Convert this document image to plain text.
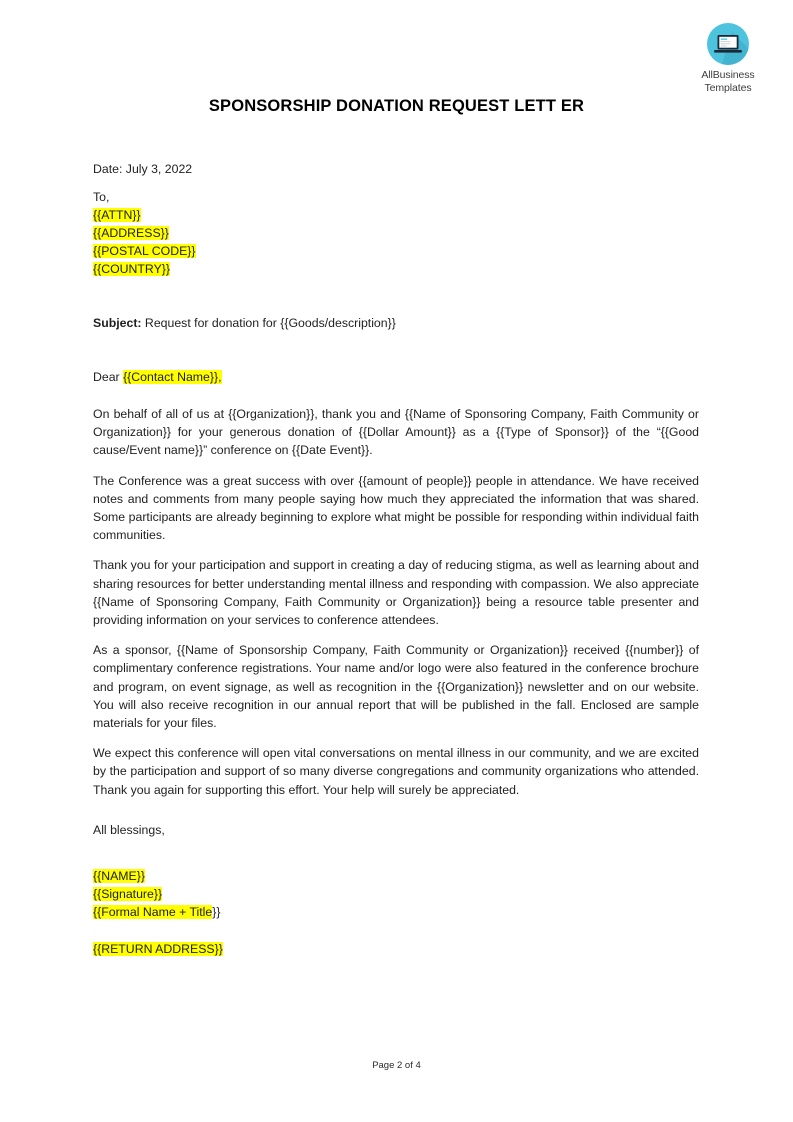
AllBusiness
Templates
SPONSORSHIP DONATION REQUEST LETT ER
Date: July 3, 2022
To,
{{ATTN}}
{{ADDRESS}}
{{POSTAL CODE}}
{{COUNTRY}}
Subject: Request for donation for {{Goods/description}}
Dear {{Contact Name}},

On behalf of all of us at {{Organization}}, thank you and {{Name of Sponsoring Company, Faith Community or Organization}} for your generous donation of {{Dollar Amount}} as a {{Type of Sponsor}} of the “{{Good cause/Event name}}” conference on {{Date Event}}.

The Conference was a great success with over {{amount of people}} people in attendance. We have received notes and comments from many people saying how much they appreciated the information that was shared. Some participants are already beginning to explore what might be possible for responding within individual faith communities.

Thank you for your participation and support in creating a day of reducing stigma, as well as learning about and sharing resources for better understanding mental illness and responding with compassion. We also appreciate {{Name of Sponsoring Company, Faith Community or Organization}} being a resource table presenter and providing information on your services to conference attendees.

As a sponsor, {{Name of Sponsorship Company, Faith Community or Organization}} received {{number}} of complimentary conference registrations. Your name and/or logo were also featured in the conference brochure and program, on event signage, as well as recognition in the {{Organization}} newsletter and on our website. You will also receive recognition in our annual report that will be published in the fall. Enclosed are sample materials for your files.

We expect this conference will open vital conversations on mental illness in our community, and we are excited by the participation and support of so many diverse congregations and community organizations who attended. Thank you again for supporting this effort. Your help will surely be appreciated.

All blessings,
{{NAME}}
{{Signature}}
{{Formal Name + Title}}
{{RETURN ADDRESS}}
Page 2 of 4
